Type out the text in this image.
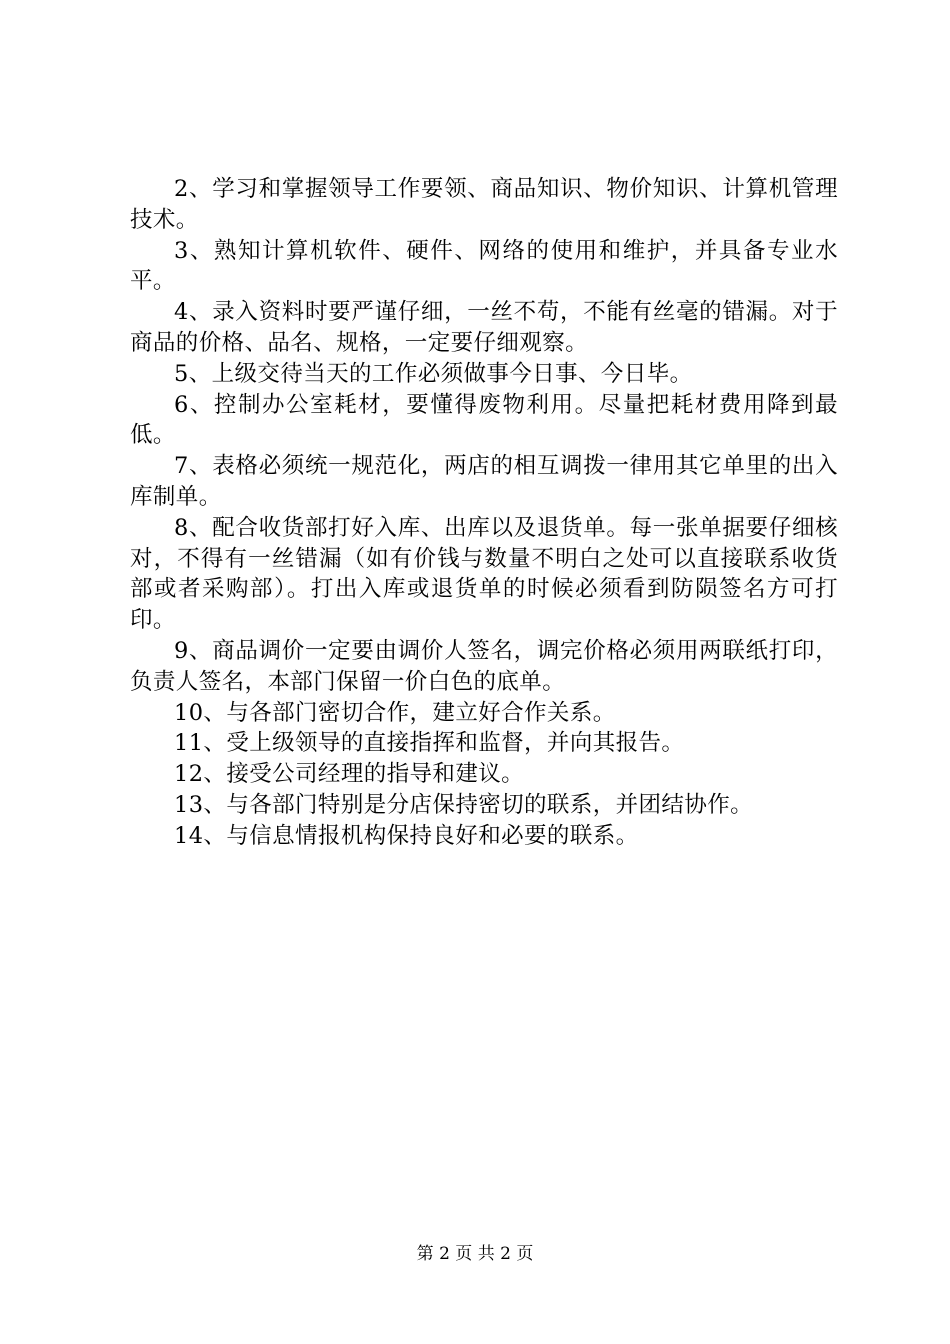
2、学习和掌握领导工作要领、商品知识、物价知识、计算机管理技术。

3、熟知计算机软件、硬件、网络的使用和维护，并具备专业水平。

4、录入资料时要严谨仔细，一丝不苟，不能有丝毫的错漏。对于商品的价格、品名、规格，一定要仔细观察。

5、上级交待当天的工作必须做事今日事、今日毕。

6、控制办公室耗材，要懂得废物利用。尽量把耗材费用降到最低。

7、表格必须统一规范化，两店的相互调拨一律用其它单里的出入库制单。

8、配合收货部打好入库、出库以及退货单。每一张单据要仔细核对，不得有一丝错漏（如有价钱与数量不明白之处可以直接联系收货部或者采购部）。打出入库或退货单的时候必须看到防陨签名方可打印。

9、商品调价一定要由调价人签名，调完价格必须用两联纸打印，负责人签名，本部门保留一价白色的底单。

10、与各部门密切合作，建立好合作关系。

11、受上级领导的直接指挥和监督，并向其报告。

12、接受公司经理的指导和建议。

13、与各部门特别是分店保持密切的联系，并团结协作。

14、与信息情报机构保持良好和必要的联系。

第 2 页 共 2 页
